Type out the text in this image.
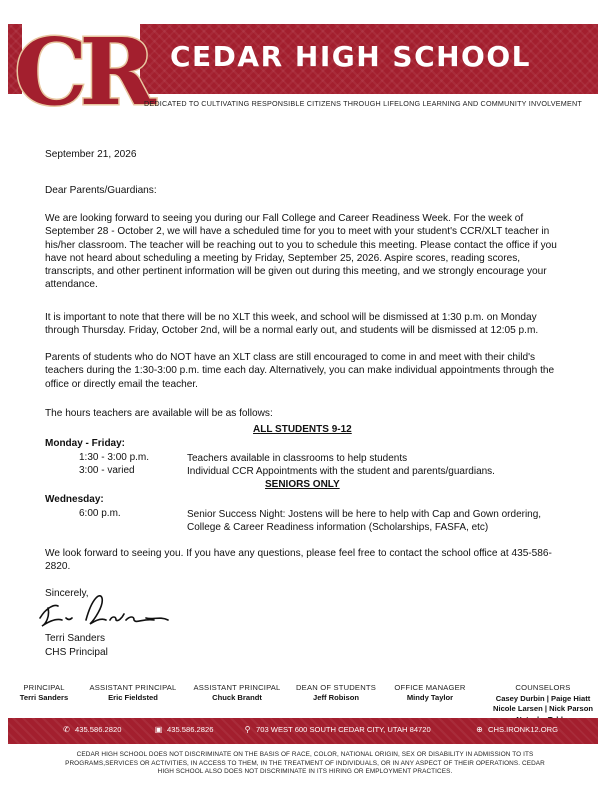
CR CEDAR HIGH SCHOOL
DEDICATED TO CULTIVATING RESPONSIBLE CITIZENS THROUGH LIFELONG LEARNING AND COMMUNITY INVOLVEMENT
September 21, 2026
Dear Parents/Guardians:
We are looking forward to seeing you during our Fall College and Career Readiness Week. For the week of September 28 - October 2, we will have a scheduled time for you to meet with your student's CCR/XLT teacher in his/her classroom. The teacher will be reaching out to you to schedule this meeting. Please contact the office if you have not heard about scheduling a meeting by Friday, September 25, 2026. Aspire scores, reading scores, transcripts, and other pertinent information will be given out during this meeting, and we strongly encourage your attendance.
It is important to note that there will be no XLT this week, and school will be dismissed at 1:30 p.m. on Monday through Thursday. Friday, October 2nd, will be a normal early out, and students will be dismissed at 12:05 p.m.
Parents of students who do NOT have an XLT class are still encouraged to come in and meet with their child's teachers during the 1:30-3:00 p.m. time each day. Alternatively, you can make individual appointments through the office or directly email the teacher.
The hours teachers are available will be as follows:
ALL STUDENTS 9-12
Monday - Friday:
1:30 - 3:00 p.m.	Teachers available in classrooms to help students
3:00 - varied	Individual CCR Appointments with the student and parents/guardians.
SENIORS ONLY
Wednesday:
6:00 p.m.	Senior Success Night: Jostens will be here to help with Cap and Gown ordering, College & Career Readiness information (Scholarships, FASFA, etc)
We look forward to seeing you. If you have any questions, please feel free to contact the school office at 435-586-2820.
Sincerely,
Terri Sanders
CHS Principal
PRINCIPAL
Terri Sanders
ASSISTANT PRINCIPAL
Eric Fieldsted
ASSISTANT PRINCIPAL
Chuck Brandt
DEAN OF STUDENTS
Jeff Robison
OFFICE MANAGER
Mindy Taylor
COUNSELORS
Casey Durbin | Paige Hiatt
Nicole Larsen | Nick Parson
✆ 435.586.2820	▣ 435.586.2826	⚲ 703 WEST 600 SOUTH CEDAR CITY, UTAH 84720	⊕ CHS.IRONK12.ORG
CEDAR HIGH SCHOOL DOES NOT DISCRIMINATE ON THE BASIS OF RACE, COLOR, NATIONAL ORIGIN, SEX OR DISABILITY IN ADMISSION TO ITS PROGRAMS,SERVICES OR ACTIVITIES, IN ACCESS TO THEM, IN THE TREATMENT OF INDIVIDUALS, OR IN ANY ASPECT OF THEIR OPERATIONS. CEDAR HIGH SCHOOL ALSO DOES NOT DISCRIMINATE IN ITS HIRING OR EMPLOYMENT PRACTICES.
